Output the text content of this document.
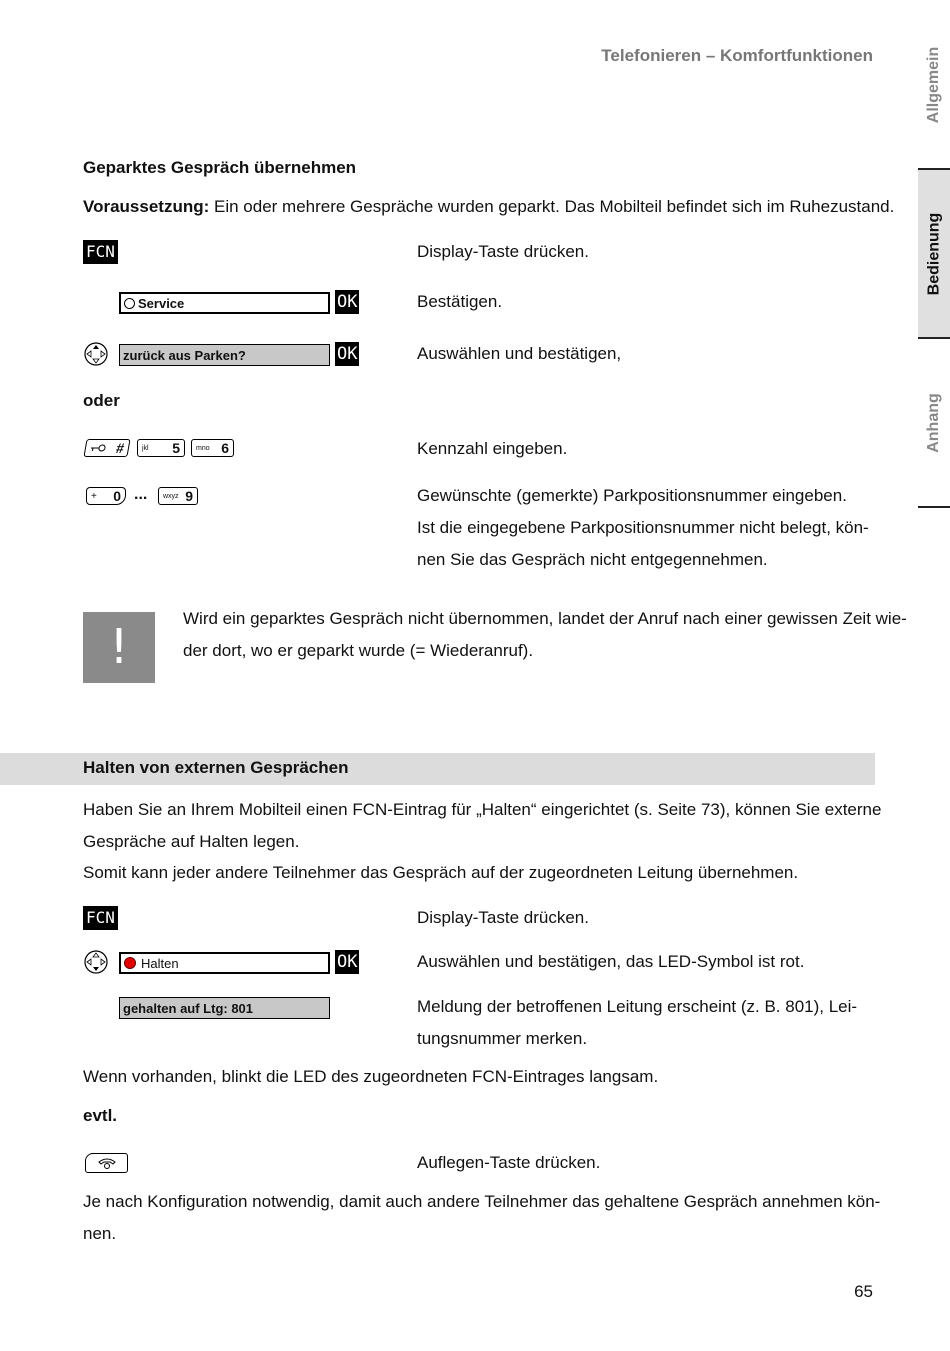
Telefonieren – Komfortfunktionen	Allgemein
Bedienung
Anhang
Geparktes Gespräch übernehmen
Voraussetzung: Ein oder mehrere Gespräche wurden geparkt. Das Mobilteil befindet sich im Ruhezustand.
FCN	Display-Taste drücken.
Service	OK	Bestätigen.
zurück aus Parken?	OK	Auswählen und bestätigen,
oder
# jkl 5 mno 6	Kennzahl eingeben.
+ 0 ... wxyz 9	Gewünschte (gemerkte) Parkpositionsnummer eingeben.
Ist die eingegebene Parkpositionsnummer nicht belegt, kön-
nen Sie das Gespräch nicht entgegennehmen.
!
Wird ein geparktes Gespräch nicht übernommen, landet der Anruf nach einer gewissen Zeit wie-
der dort, wo er geparkt wurde (= Wiederanruf).
Halten von externen Gesprächen
Haben Sie an Ihrem Mobilteil einen FCN-Eintrag für „Halten“ eingerichtet (s. Seite 73), können Sie externe
Gespräche auf Halten legen.
Somit kann jeder andere Teilnehmer das Gespräch auf der zugeordneten Leitung übernehmen.
FCN	Display-Taste drücken.
Halten	OK	Auswählen und bestätigen, das LED-Symbol ist rot.
gehalten auf Ltg: 801	Meldung der betroffenen Leitung erscheint (z. B. 801), Lei-
tungsnummer merken.
Wenn vorhanden, blinkt die LED des zugeordneten FCN-Eintrages langsam.
evtl.
Auflegen-Taste drücken.
Je nach Konfiguration notwendig, damit auch andere Teilnehmer das gehaltene Gespräch annehmen kön-
nen.
65
